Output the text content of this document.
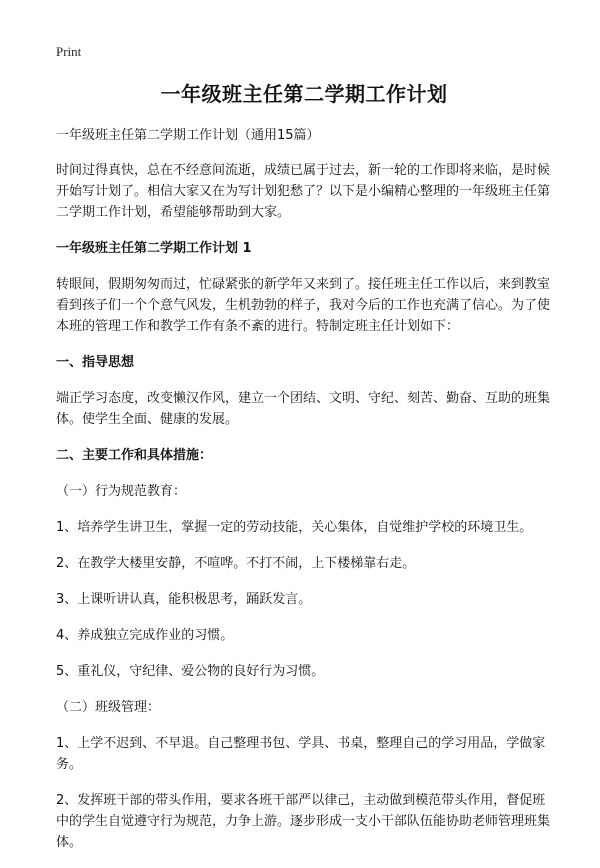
Print
一年级班主任第二学期工作计划

一年级班主任第二学期工作计划（通用15篇）

时间过得真快，总在不经意间流逝，成绩已属于过去，新一轮的工作即将来临，是时候开始写计划了。相信大家又在为写计划犯愁了？以下是小编精心整理的一年级班主任第二学期工作计划，希望能够帮助到大家。

一年级班主任第二学期工作计划 1

转眼间，假期匆匆而过，忙碌紧张的新学年又来到了。接任班主任工作以后，来到教室看到孩子们一个个意气风发，生机勃勃的样子，我对今后的工作也充满了信心。为了使本班的管理工作和教学工作有条不紊的进行。特制定班主任计划如下：

一、指导思想

端正学习态度，改变懒汉作风，建立一个团结、文明、守纪、刻苦、勤奋、互助的班集体。使学生全面、健康的发展。

二、主要工作和具体措施：

（一）行为规范教育：

1、培养学生讲卫生，掌握一定的劳动技能，关心集体，自觉维护学校的环境卫生。

2、在教学大楼里安静，不喧哗。不打不闹，上下楼梯靠右走。

3、上课听讲认真，能积极思考，踊跃发言。

4、养成独立完成作业的习惯。

5、重礼仪，守纪律、爱公物的良好行为习惯。

（二）班级管理：

1、上学不迟到、不早退。自己整理书包、学具、书桌，整理自己的学习用品，学做家务。

2、发挥班干部的带头作用，要求各班干部严以律己，主动做到模范带头作用，督促班中的学生自觉遵守行为规范，力争上游。逐步形成一支小干部队伍能协助老师管理班集体。
